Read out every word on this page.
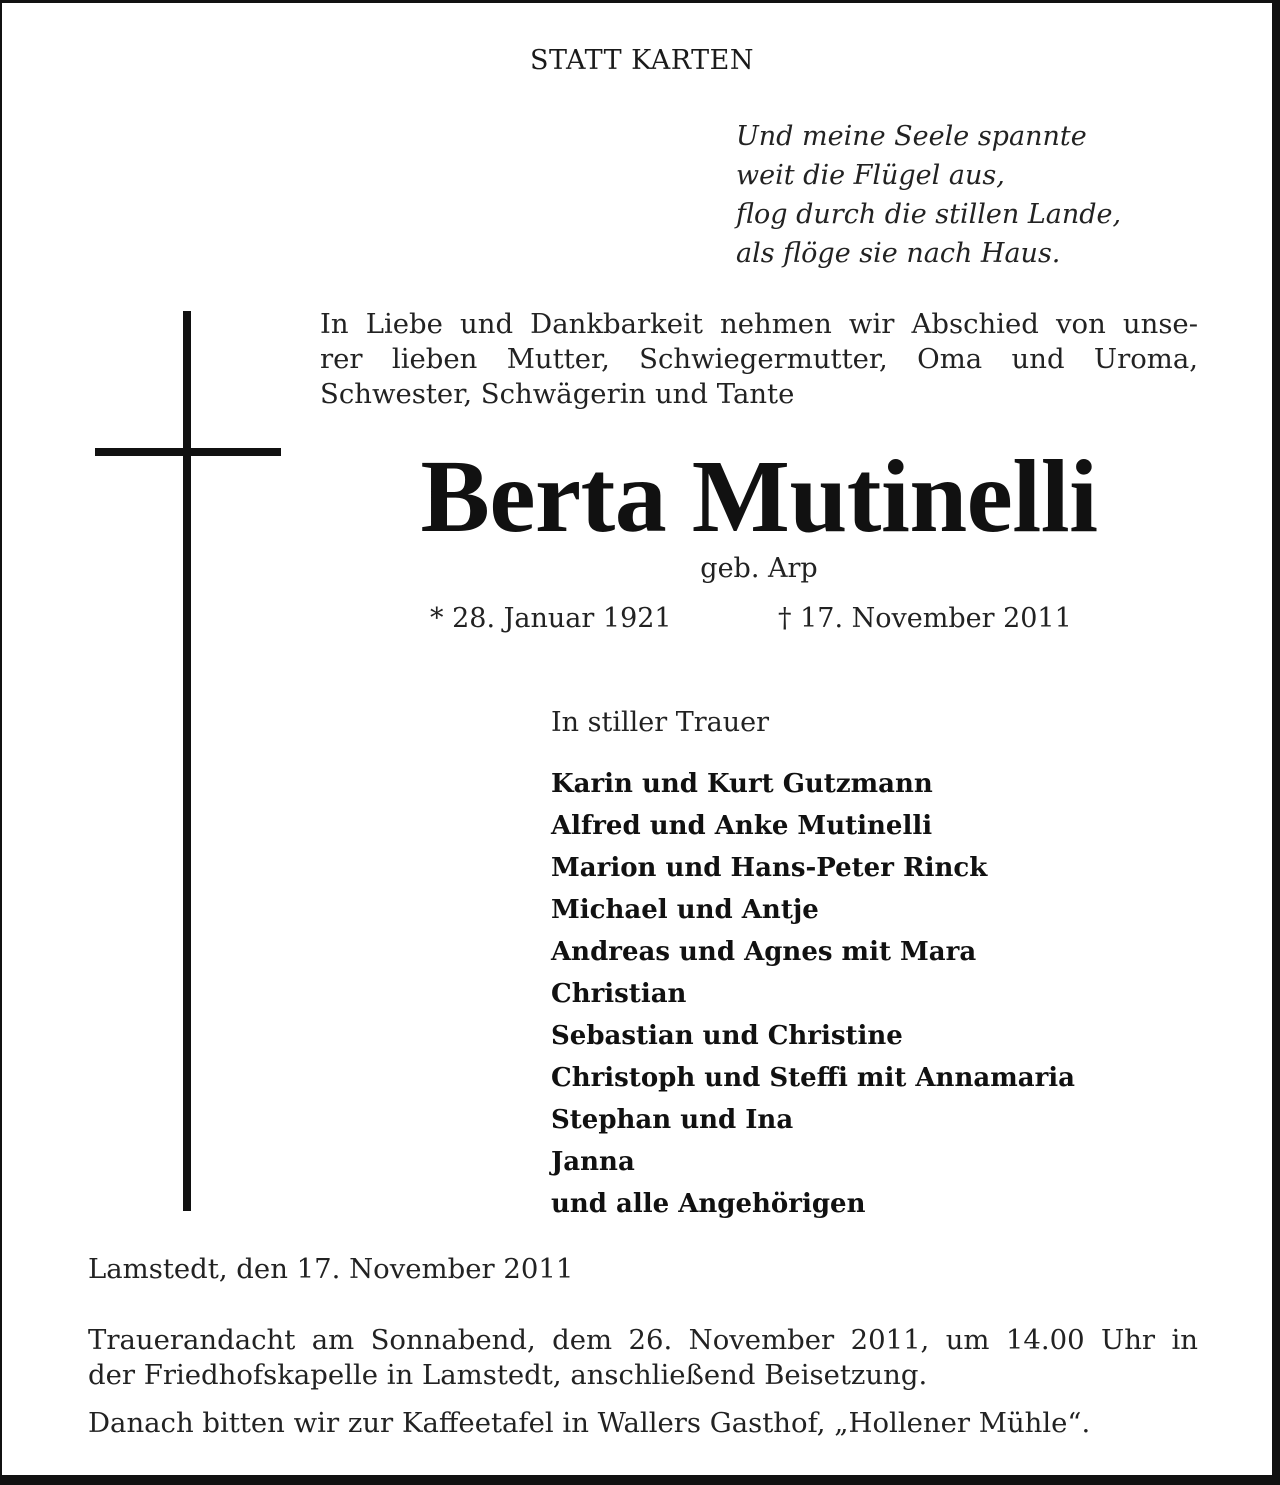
STATT KARTEN

Und meine Seele spannte
weit die Flügel aus,
flog durch die stillen Lande,
als flöge sie nach Haus.
In Liebe und Dankbarkeit nehmen wir Abschied von unse-
rer lieben Mutter, Schwiegermutter, Oma und Uroma,
Schwester, Schwägerin und Tante

Berta Mutinelli

geb. Arp

* 28. Januar 1921	† 17. November 2011

In stiller Trauer

Karin und Kurt Gutzmann
Alfred und Anke Mutinelli
Marion und Hans-Peter Rinck
Michael und Antje
Andreas und Agnes mit Mara
Christian
Sebastian und Christine
Christoph und Steffi mit Annamaria
Stephan und Ina
Janna
und alle Angehörigen

Lamstedt, den 17. November 2011

Trauerandacht am Sonnabend, dem 26. November 2011, um 14.00 Uhr in
der Friedhofskapelle in Lamstedt, anschließend Beisetzung.

Danach bitten wir zur Kaffeetafel in Wallers Gasthof, „Hollener Mühle“.
